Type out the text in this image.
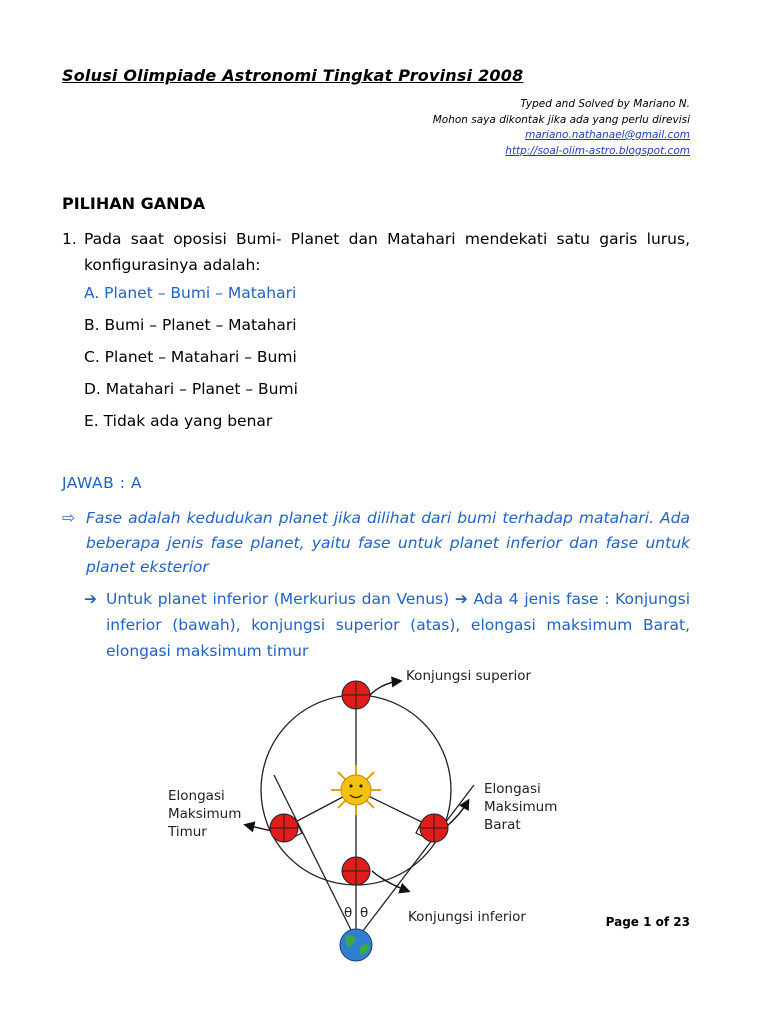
Solusi Olimpiade Astronomi Tingkat Provinsi 2008
Typed and Solved by Mariano N.
Mohon saya dikontak jika ada yang perlu direvisi
mariano.nathanael@gmail.com
http://soal-olim-astro.blogspot.com
PILIHAN GANDA
1. Pada saat oposisi Bumi- Planet dan Matahari mendekati satu garis lurus, konfigurasinya adalah:
A. Planet – Bumi – Matahari
B. Bumi – Planet – Matahari
C. Planet – Matahari – Bumi
D. Matahari – Planet – Bumi
E. Tidak ada yang benar
JAWAB : A
⇨ Fase adalah kedudukan planet jika dilihat dari bumi terhadap matahari. Ada beberapa jenis fase planet, yaitu fase untuk planet inferior dan fase untuk planet eksterior
➔ Untuk planet inferior (Merkurius dan Venus) ➔ Ada 4 jenis fase : Konjungsi inferior (bawah), konjungsi superior (atas), elongasi maksimum Barat, elongasi maksimum timur
θ θ
Konjungsi superior
Elongasi
Maksimum
Timur
Elongasi
Maksimum
Barat
Konjungsi inferior	Page 1 of 23
